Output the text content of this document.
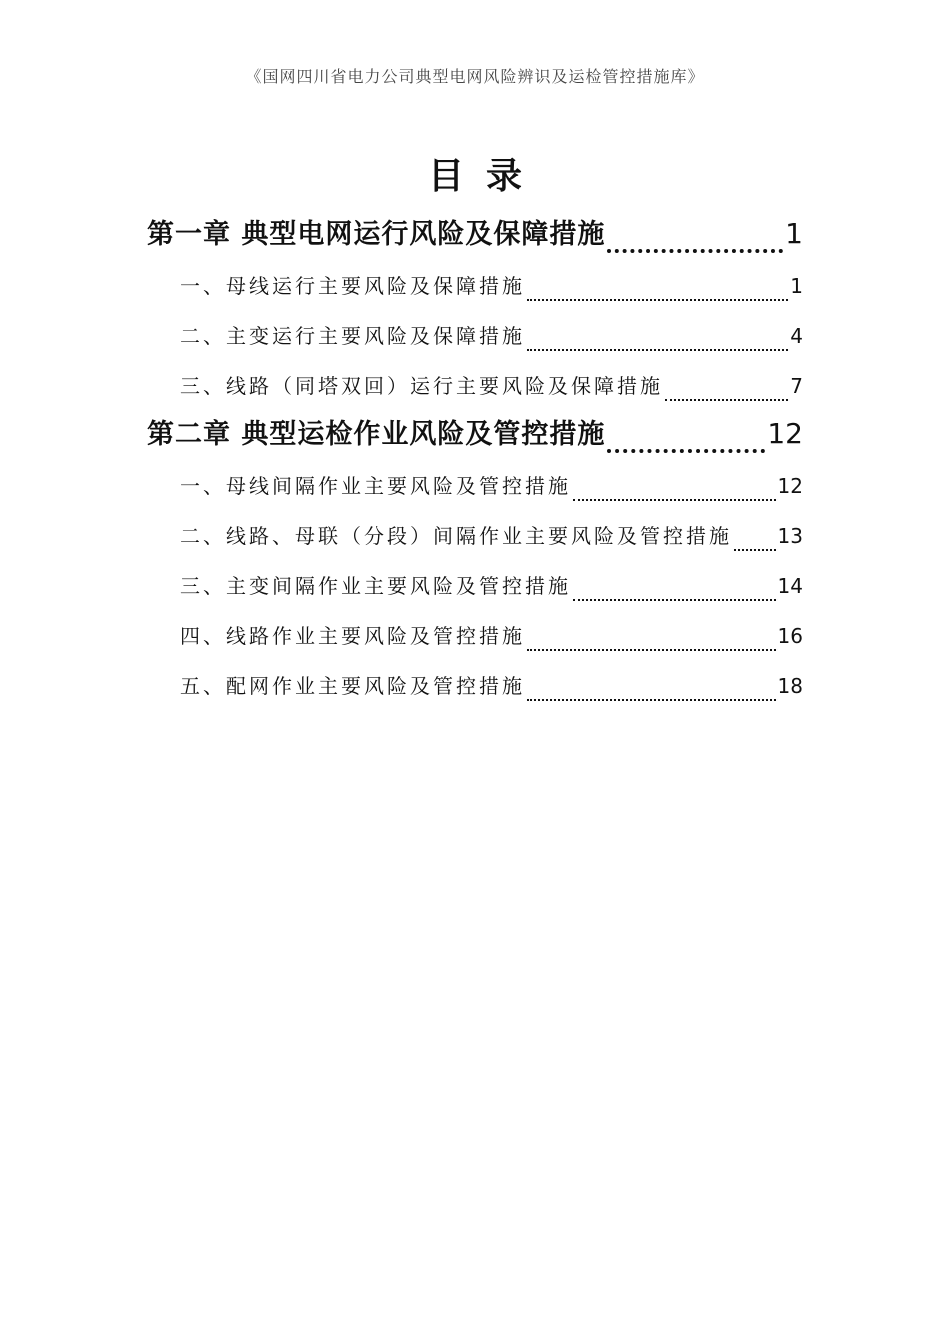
《国网四川省电力公司典型电网风险辨识及运检管控措施库》
目录
第一章 典型电网运行风险及保障措施	1
一、母线运行主要风险及保障措施	1
二、主变运行主要风险及保障措施	4
三、线路（同塔双回）运行主要风险及保障措施	7
第二章 典型运检作业风险及管控措施	12
一、母线间隔作业主要风险及管控措施	12
二、线路、母联（分段）间隔作业主要风险及管控措施 13
三、主变间隔作业主要风险及管控措施	14
四、线路作业主要风险及管控措施	16
五、配网作业主要风险及管控措施	18
